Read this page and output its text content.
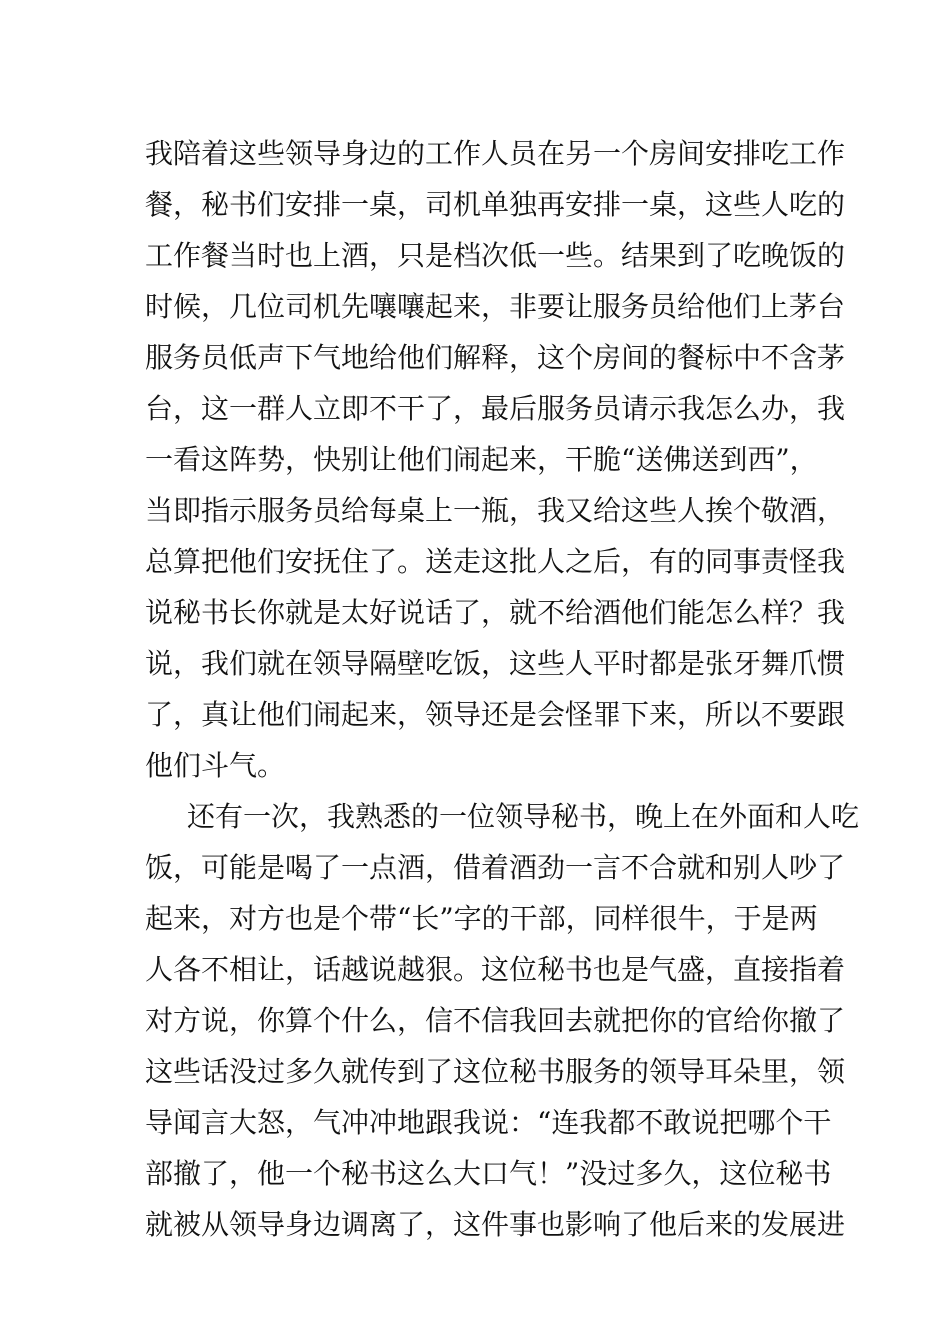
我陪着这些领导身边的工作人员在另一个房间安排吃工作
餐，秘书们安排一桌，司机单独再安排一桌，这些人吃的
工作餐当时也上酒，只是档次低一些。结果到了吃晚饭的
时候，几位司机先嚷嚷起来，非要让服务员给他们上茅台
服务员低声下气地给他们解释，这个房间的餐标中不含茅
台，这一群人立即不干了，最后服务员请示我怎么办，我
一看这阵势，快别让他们闹起来，干脆“送佛送到西”，
当即指示服务员给每桌上一瓶，我又给这些人挨个敬酒，
总算把他们安抚住了。送走这批人之后，有的同事责怪我
说秘书长你就是太好说话了，就不给酒他们能怎么样？我
说，我们就在领导隔壁吃饭，这些人平时都是张牙舞爪惯
了，真让他们闹起来，领导还是会怪罪下来，所以不要跟
他们斗气。
还有一次，我熟悉的一位领导秘书，晚上在外面和人吃
饭，可能是喝了一点酒，借着酒劲一言不合就和别人吵了
起来，对方也是个带“长”字的干部，同样很牛，于是两
人各不相让，话越说越狠。这位秘书也是气盛，直接指着
对方说，你算个什么，信不信我回去就把你的官给你撤了
这些话没过多久就传到了这位秘书服务的领导耳朵里，领
导闻言大怒，气冲冲地跟我说：“连我都不敢说把哪个干
部撤了，他一个秘书这么大口气！”没过多久，这位秘书
就被从领导身边调离了，这件事也影响了他后来的发展进
